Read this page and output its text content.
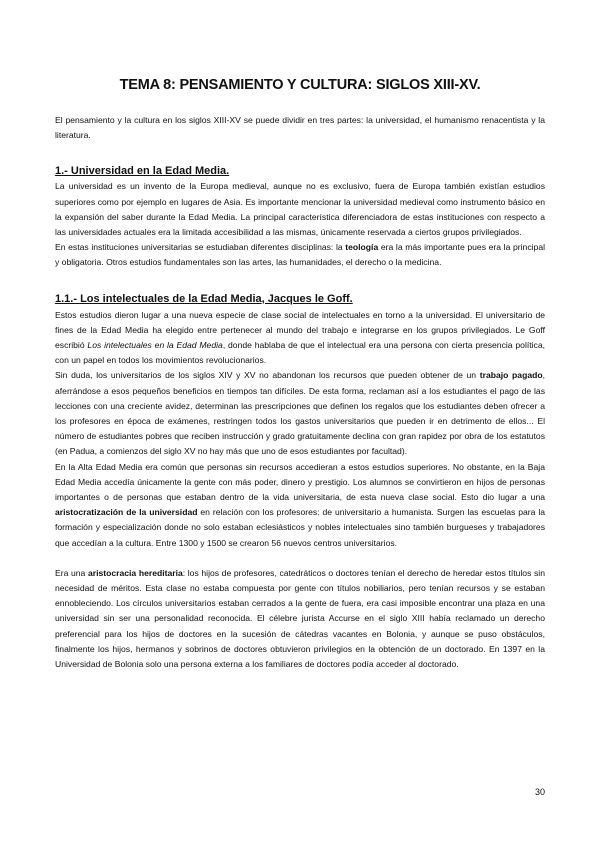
TEMA 8: PENSAMIENTO Y CULTURA: SIGLOS XIII-XV.

El pensamiento y la cultura en los siglos XIII-XV se puede dividir en tres partes: la universidad, el humanismo renacentista y la literatura.

1.- Universidad en la Edad Media.

La universidad es un invento de la Europa medieval, aunque no es exclusivo, fuera de Europa también existían estudios superiores como por ejemplo en lugares de Asia. Es importante mencionar la universidad medieval como instrumento básico en la expansión del saber durante la Edad Media. La principal característica diferenciadora de estas instituciones con respecto a las universidades actuales era la limitada accesibilidad a las mismas, únicamente reservada a ciertos grupos privilegiados.

En estas instituciones universitarias se estudiaban diferentes disciplinas: la teología era la más importante pues era la principal y obligatoria. Otros estudios fundamentales son las artes, las humanidades, el derecho o la medicina.

1.1.- Los intelectuales de la Edad Media, Jacques le Goff.

Estos estudios dieron lugar a una nueva especie de clase social de intelectuales en torno a la universidad. El universitario de fines de la Edad Media ha elegido entre pertenecer al mundo del trabajo e integrarse en los grupos privilegiados. Le Goff escribió Los intelectuales en la Edad Media, donde hablaba de que el intelectual era una persona con cierta presencia política, con un papel en todos los movimientos revolucionarios.

Sin duda, los universitarios de los siglos XIV y XV no abandonan los recursos que pueden obtener de un trabajo pagado, aferrándose a esos pequeños beneficios en tiempos tan difíciles. De esta forma, reclaman así a los estudiantes el pago de las lecciones con una creciente avidez, determinan las prescripciones que definen los regalos que los estudiantes deben ofrecer a los profesores en época de exámenes, restringen todos los gastos universitarios que pueden ir en detrimento de ellos... El número de estudiantes pobres que reciben instrucción y grado gratuitamente declina con gran rapidez por obra de los estatutos (en Padua, a comienzos del siglo XV no hay más que uno de esos estudiantes por facultad).

En la Alta Edad Media era común que personas sin recursos accedieran a estos estudios superiores. No obstante, en la Baja Edad Media accedía únicamente la gente con más poder, dinero y prestigio. Los alumnos se convirtieron en hijos de personas importantes o de personas que estaban dentro de la vida universitaria, de esta nueva clase social. Esto dio lugar a una aristocratización de la universidad en relación con los profesores: de universitario a humanista. Surgen las escuelas para la formación y especialización donde no solo estaban eclesiásticos y nobles intelectuales sino también burgueses y trabajadores que accedían a la cultura. Entre 1300 y 1500 se crearon 56 nuevos centros universitarios.

Era una aristocracia hereditaria: los hijos de profesores, catedráticos o doctores tenían el derecho de heredar estos títulos sin necesidad de méritos. Esta clase no estaba compuesta por gente con títulos nobiliarios, pero tenían recursos y se estaban ennobleciendo. Los círculos universitarios estaban cerrados a la gente de fuera, era casi imposible encontrar una plaza en una universidad sin ser una personalidad reconocida. El célebre jurista Accurse en el siglo XIII había reclamado un derecho preferencial para los hijos de doctores en la sucesión de cátedras vacantes en Bolonia, y aunque se puso obstáculos, finalmente los hijos, hermanos y sobrinos de doctores obtuvieron privilegios en la obtención de un doctorado. En 1397 en la Universidad de Bolonia solo una persona externa a los familiares de doctores podía acceder al doctorado.

30
